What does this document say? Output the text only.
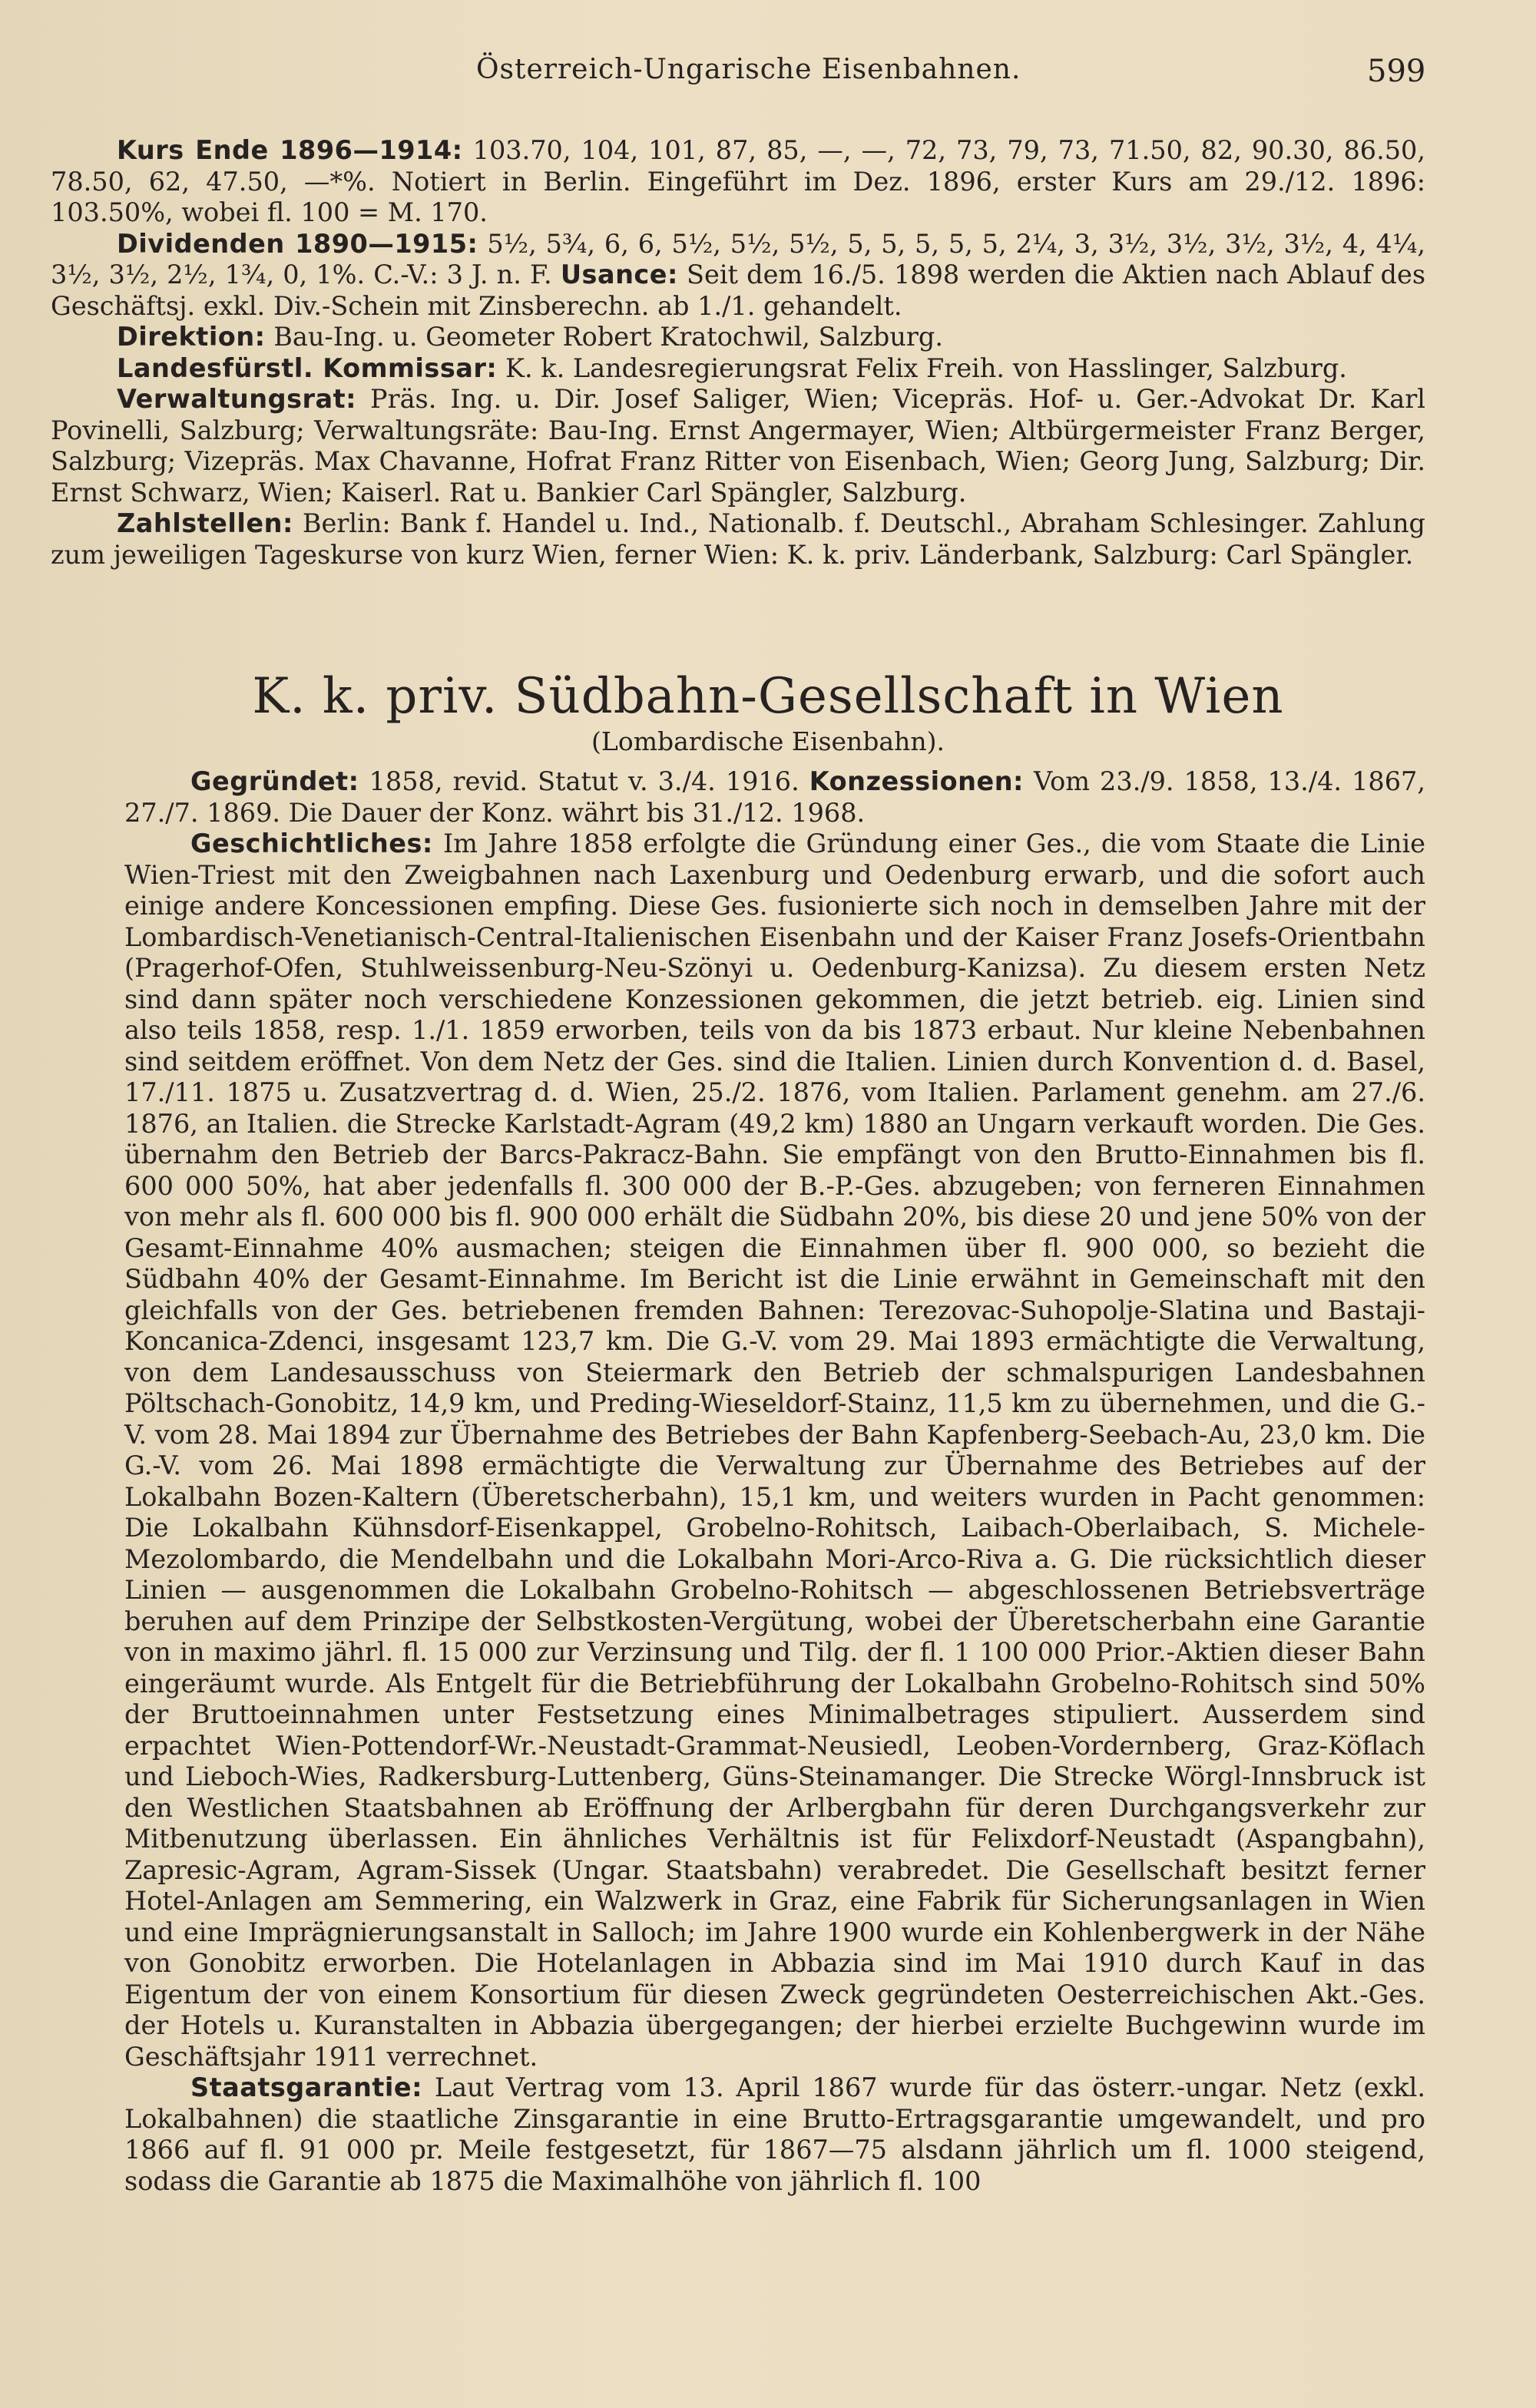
Österreich-Ungarische Eisenbahnen.	599

Kurs Ende 1896—1914: 103.70, 104, 101, 87, 85, —, —, 72, 73, 79, 73, 71.50, 82, 90.30, 86.50, 78.50, 62, 47.50, —*%. Notiert in Berlin. Eingeführt im Dez. 1896, erster Kurs am 29./12. 1896: 103.50%, wobei fl. 100 = M. 170.

Dividenden 1890—1915: 5½, 5¾, 6, 6, 5½, 5½, 5½, 5, 5, 5, 5, 5, 2¼, 3, 3½, 3½, 3½, 3½, 4, 4¼, 3½, 3½, 2½, 1¾, 0, 1%. C.-V.: 3 J. n. F. Usance: Seit dem 16./5. 1898 werden die Aktien nach Ablauf des Geschäftsj. exkl. Div.-Schein mit Zinsberechn. ab 1./1. gehandelt.

Direktion: Bau-Ing. u. Geometer Robert Kratochwil, Salzburg.

Landesfürstl. Kommissar: K. k. Landesregierungsrat Felix Freih. von Hasslinger, Salzburg.

Verwaltungsrat: Präs. Ing. u. Dir. Josef Saliger, Wien; Vicepräs. Hof- u. Ger.-Advokat Dr. Karl Povinelli, Salzburg; Verwaltungsräte: Bau-Ing. Ernst Angermayer, Wien; Altbürgermeister Franz Berger, Salzburg; Vizepräs. Max Chavanne, Hofrat Franz Ritter von Eisenbach, Wien; Georg Jung, Salzburg; Dir. Ernst Schwarz, Wien; Kaiserl. Rat u. Bankier Carl Spängler, Salzburg.

Zahlstellen: Berlin: Bank f. Handel u. Ind., Nationalb. f. Deutschl., Abraham Schlesinger. Zahlung zum jeweiligen Tageskurse von kurz Wien, ferner Wien: K. k. priv. Länderbank, Salzburg: Carl Spängler.

K. k. priv. Südbahn-Gesellschaft in Wien
(Lombardische Eisenbahn).

Gegründet: 1858, revid. Statut v. 3./4. 1916. Konzessionen: Vom 23./9. 1858, 13./4. 1867, 27./7. 1869. Die Dauer der Konz. währt bis 31./12. 1968.

Geschichtliches: Im Jahre 1858 erfolgte die Gründung einer Ges., die vom Staate die Linie Wien-Triest mit den Zweigbahnen nach Laxenburg und Oedenburg erwarb, und die sofort auch einige andere Koncessionen empfing. Diese Ges. fusionierte sich noch in demselben Jahre mit der Lombardisch-Venetianisch-Central-Italienischen Eisenbahn und der Kaiser Franz Josefs-Orientbahn (Pragerhof-Ofen, Stuhlweissenburg-Neu-Szönyi u. Oedenburg-Kanizsa). Zu diesem ersten Netz sind dann später noch verschiedene Konzessionen gekommen, die jetzt betrieb. eig. Linien sind also teils 1858, resp. 1./1. 1859 erworben, teils von da bis 1873 erbaut. Nur kleine Nebenbahnen sind seitdem eröffnet. Von dem Netz der Ges. sind die Italien. Linien durch Konvention d. d. Basel, 17./11. 1875 u. Zusatzvertrag d. d. Wien, 25./2. 1876, vom Italien. Parlament genehm. am 27./6. 1876, an Italien. die Strecke Karlstadt-Agram (49,2 km) 1880 an Ungarn verkauft worden. Die Ges. übernahm den Betrieb der Barcs-Pakracz-Bahn. Sie empfängt von den Brutto-Einnahmen bis fl. 600 000 50%, hat aber jedenfalls fl. 300 000 der B.-P.-Ges. abzugeben; von ferneren Einnahmen von mehr als fl. 600 000 bis fl. 900 000 erhält die Südbahn 20%, bis diese 20 und jene 50% von der Gesamt-Einnahme 40% ausmachen; steigen die Einnahmen über fl. 900 000, so bezieht die Südbahn 40% der Gesamt-Einnahme. Im Bericht ist die Linie erwähnt in Gemeinschaft mit den gleichfalls von der Ges. betriebenen fremden Bahnen: Terezovac-Suhopolje-Slatina und Bastaji-Koncanica-Zdenci, insgesamt 123,7 km. Die G.-V. vom 29. Mai 1893 ermächtigte die Verwaltung, von dem Landesausschuss von Steiermark den Betrieb der schmalspurigen Landesbahnen Pöltschach-Gonobitz, 14,9 km, und Preding-Wieseldorf-Stainz, 11,5 km zu übernehmen, und die G.-V. vom 28. Mai 1894 zur Übernahme des Betriebes der Bahn Kapfenberg-Seebach-Au, 23,0 km. Die G.-V. vom 26. Mai 1898 ermächtigte die Verwaltung zur Übernahme des Betriebes auf der Lokalbahn Bozen-Kaltern (Überetscherbahn), 15,1 km, und weiters wurden in Pacht genommen: Die Lokalbahn Kühnsdorf-Eisenkappel, Grobelno-Rohitsch, Laibach-Oberlaibach, S. Michele-Mezolombardo, die Mendelbahn und die Lokalbahn Mori-Arco-Riva a. G. Die rücksichtlich dieser Linien — ausgenommen die Lokalbahn Grobelno-Rohitsch — abgeschlossenen Betriebsverträge beruhen auf dem Prinzipe der Selbstkosten-Vergütung, wobei der Überetscherbahn eine Garantie von in maximo jährl. fl. 15 000 zur Verzinsung und Tilg. der fl. 1 100 000 Prior.-Aktien dieser Bahn eingeräumt wurde. Als Entgelt für die Betriebführung der Lokalbahn Grobelno-Rohitsch sind 50% der Bruttoeinnahmen unter Festsetzung eines Minimalbetrages stipuliert. Ausserdem sind erpachtet Wien-Pottendorf-Wr.-Neustadt-Grammat-Neusiedl, Leoben-Vordernberg, Graz-Köflach und Lieboch-Wies, Radkersburg-Luttenberg, Güns-Steinamanger. Die Strecke Wörgl-Innsbruck ist den Westlichen Staatsbahnen ab Eröffnung der Arlbergbahn für deren Durchgangsverkehr zur Mitbenutzung überlassen. Ein ähnliches Verhältnis ist für Felixdorf-Neustadt (Aspangbahn), Zapresic-Agram, Agram-Sissek (Ungar. Staatsbahn) verabredet. Die Gesellschaft besitzt ferner Hotel-Anlagen am Semmering, ein Walzwerk in Graz, eine Fabrik für Sicherungsanlagen in Wien und eine Imprägnierungsanstalt in Salloch; im Jahre 1900 wurde ein Kohlenbergwerk in der Nähe von Gonobitz erworben. Die Hotelanlagen in Abbazia sind im Mai 1910 durch Kauf in das Eigentum der von einem Konsortium für diesen Zweck gegründeten Oesterreichischen Akt.-Ges. der Hotels u. Kuranstalten in Abbazia übergegangen; der hierbei erzielte Buchgewinn wurde im Geschäftsjahr 1911 verrechnet.

Staatsgarantie: Laut Vertrag vom 13. April 1867 wurde für das österr.-ungar. Netz (exkl. Lokalbahnen) die staatliche Zinsgarantie in eine Brutto-Ertragsgarantie umgewandelt, und pro 1866 auf fl. 91 000 pr. Meile festgesetzt, für 1867—75 alsdann jährlich um fl. 1000 steigend, sodass die Garantie ab 1875 die Maximalhöhe von jährlich fl. 100
